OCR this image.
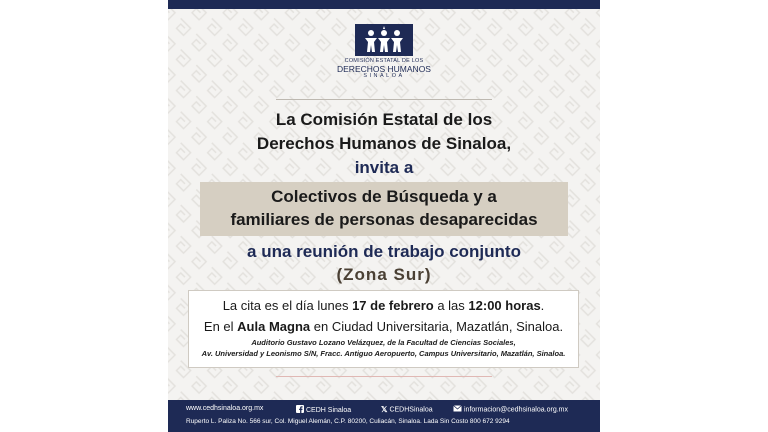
COMISIÓN ESTATAL DE LOS
DERECHOS HUMANOS
SINALOA
La Comisión Estatal de los
Derechos Humanos de Sinaloa,
invita a
Colectivos de Búsqueda y a
familiares de personas desaparecidas
a una reunión de trabajo conjunto
(Zona Sur)
La cita es el día lunes 17 de febrero a las 12:00 horas.
En el Aula Magna en Ciudad Universitaria, Mazatlán, Sinaloa.
Auditorio Gustavo Lozano Velázquez, de la Facultad de Ciencias Sociales,
Av. Universidad y Leonismo S/N, Fracc. Antiguo Aeropuerto, Campus Universitario, Mazatlán, Sinaloa.
www.cedhsinaloa.org.mx	CEDH Sinaloa	𝕏 CEDHSinaloa	informacion@cedhsinaloa.org.mx
Ruperto L. Paliza No. 566 sur, Col. Miguel Alemán, C.P. 80200, Culiacán, Sinaloa. Lada Sin Costo 800 672 9294
